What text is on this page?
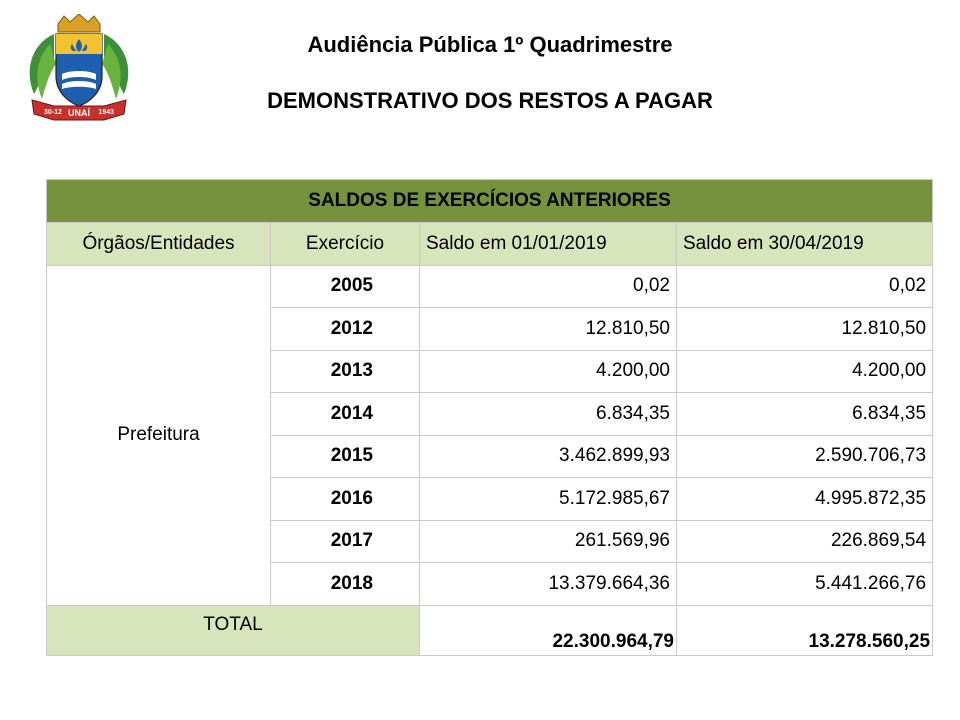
30-12 UNAÍ 1943
Audiência Pública 1º Quadrimestre
DEMONSTRATIVO DOS RESTOS A PAGAR
SALDOS DE EXERCÍCIOS ANTERIORES			
Órgãos/Entidades	Exercício	Saldo em 01/01/2019	Saldo em 30/04/2019
Prefeitura	2005	0,02	0,02
	2012	12.810,50	12.810,50
	2013	4.200,00	4.200,00
	2014	6.834,35	6.834,35
	2015	3.462.899,93	2.590.706,73
	2016	5.172.985,67	4.995.872,35
	2017	261.569,96	226.869,54
	2018	13.379.664,36	5.441.266,76
TOTAL		22.300.964,79	13.278.560,25
